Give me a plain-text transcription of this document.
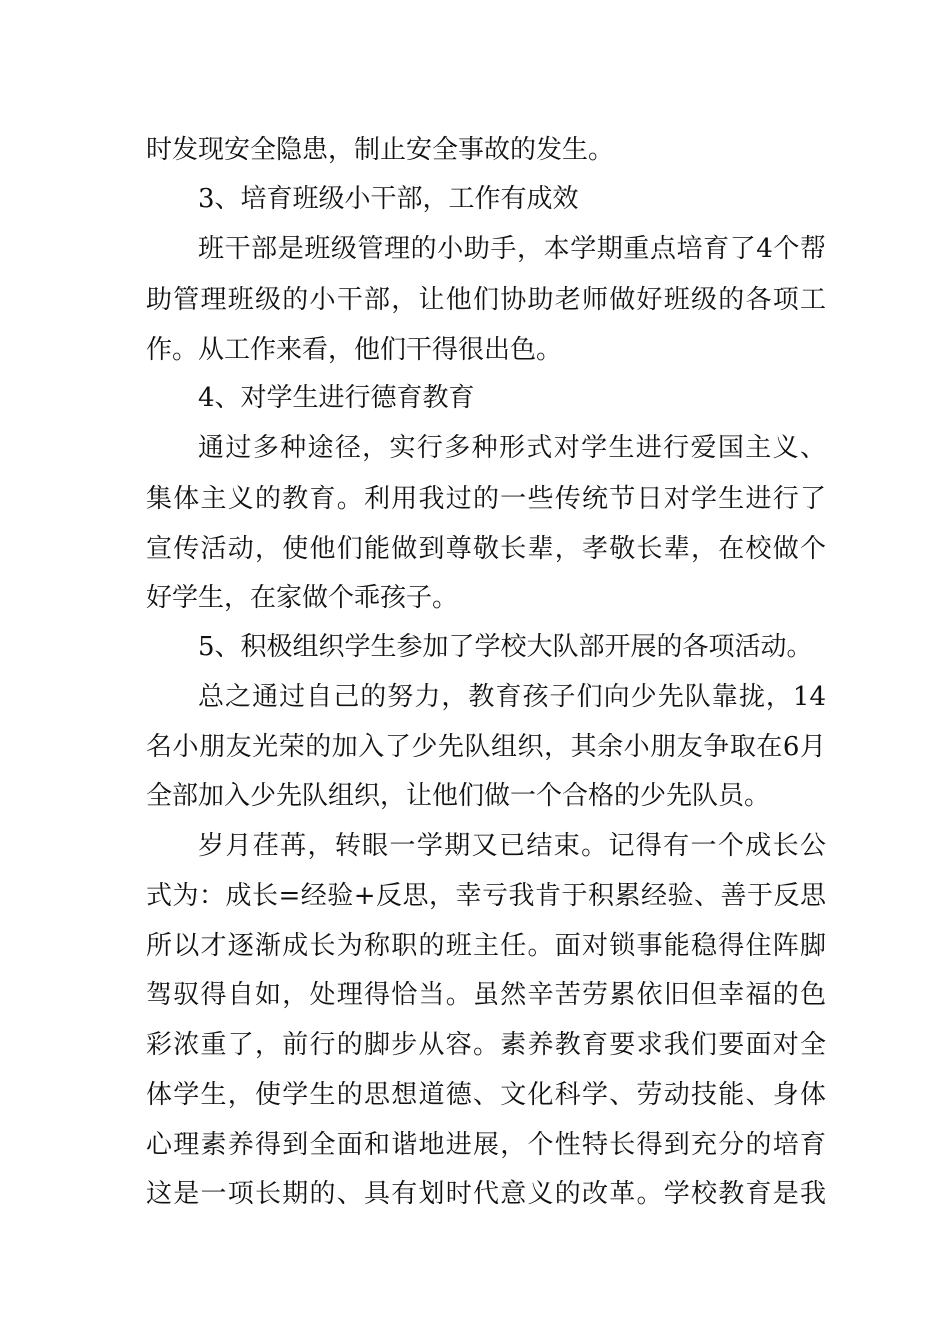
时发现安全隐患，制止安全事故的发生。
3、培育班级小干部，工作有成效
班干部是班级管理的小助手，本学期重点培育了4个帮
助管理班级的小干部，让他们协助老师做好班级的各项工
作。从工作来看，他们干得很出色。
4、对学生进行德育教育
通过多种途径，实行多种形式对学生进行爱国主义、
集体主义的教育。利用我过的一些传统节日对学生进行了
宣传活动，使他们能做到尊敬长辈，孝敬长辈，在校做个
好学生，在家做个乖孩子。
5、积极组织学生参加了学校大队部开展的各项活动。
总之通过自己的努力，教育孩子们向少先队靠拢，14
名小朋友光荣的加入了少先队组织，其余小朋友争取在6月
全部加入少先队组织，让他们做一个合格的少先队员。
岁月荏苒，转眼一学期又已结束。记得有一个成长公
式为：成长=经验+反思，幸亏我肯于积累经验、善于反思
所以才逐渐成长为称职的班主任。面对锁事能稳得住阵脚
驾驭得自如，处理得恰当。虽然辛苦劳累依旧但幸福的色
彩浓重了，前行的脚步从容。素养教育要求我们要面对全
体学生，使学生的思想道德、文化科学、劳动技能、身体
心理素养得到全面和谐地进展，个性特长得到充分的培育
这是一项长期的、具有划时代意义的改革。学校教育是我
